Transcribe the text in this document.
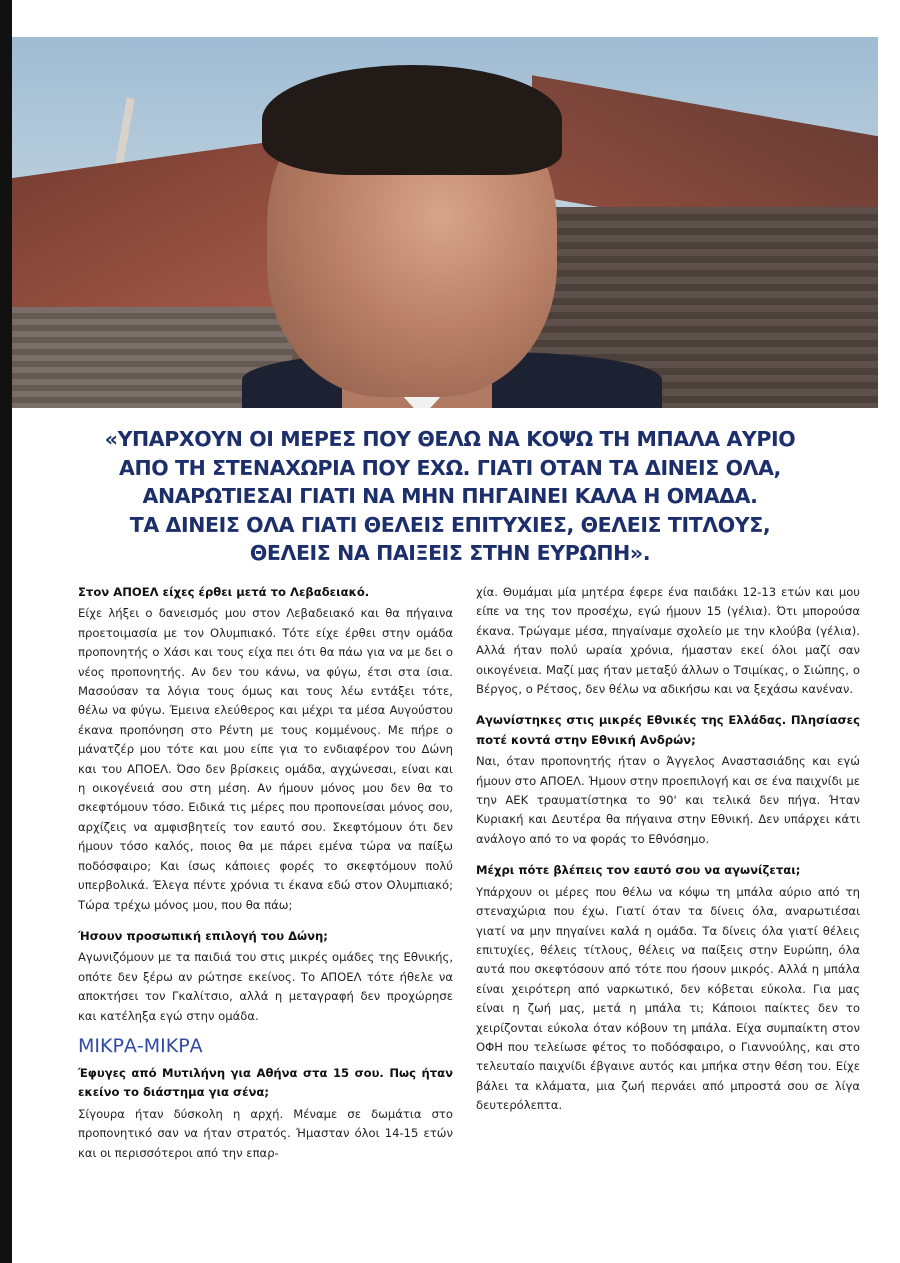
«ΥΠΑΡΧΟΥΝ ΟΙ ΜΕΡΕΣ ΠΟΥ ΘΕΛΩ ΝΑ ΚΟΨΩ ΤΗ ΜΠΑΛΑ ΑΥΡΙΟ
ΑΠΟ ΤΗ ΣΤΕΝΑΧΩΡΙΑ ΠΟΥ ΕΧΩ. ΓΙΑΤΙ ΟΤΑΝ ΤΑ ΔΙΝΕΙΣ ΟΛΑ,
ΑΝΑΡΩΤΙΕΣΑΙ ΓΙΑΤΙ ΝΑ ΜΗΝ ΠΗΓΑΙΝΕΙ ΚΑΛΑ Η ΟΜΑΔΑ.
ΤΑ ΔΙΝΕΙΣ ΟΛΑ ΓΙΑΤΙ ΘΕΛΕΙΣ ΕΠΙΤΥΧΙΕΣ, ΘΕΛΕΙΣ ΤΙΤΛΟΥΣ,
ΘΕΛΕΙΣ ΝΑ ΠΑΙΞΕΙΣ ΣΤΗΝ ΕΥΡΩΠΗ».

Στον ΑΠΟΕΛ είχες έρθει μετά το Λεβαδειακό.

Είχε λήξει ο δανεισμός μου στον Λεβαδειακό και θα πήγαινα προετοιμασία με τον Ολυμπιακό. Τότε είχε έρθει στην ομάδα προπονητής ο Χάσι και τους είχα πει ότι θα πάω για να με δει ο νέος προπονητής. Αν δεν του κάνω, να φύγω, έτσι στα ίσια. Μασούσαν τα λόγια τους όμως και τους λέω εντάξει τότε, θέλω να φύγω. Έμεινα ελεύθερος και μέχρι τα μέσα Αυγούστου έκανα προπόνηση στο Ρέντη με τους κομμένους. Με πήρε ο μάνατζέρ μου τότε και μου είπε για το ενδιαφέρον του Δώνη και του ΑΠΟΕΛ. Όσο δεν βρίσκεις ομάδα, αγχώνεσαι, είναι και η οικογένειά σου στη μέση. Αν ήμουν μόνος μου δεν θα το σκεφτόμουν τόσο. Ειδικά τις μέρες που προπονείσαι μόνος σου, αρχίζεις να αμφισβητείς τον εαυτό σου. Σκεφτόμουν ότι δεν ήμουν τόσο καλός, ποιος θα με πάρει εμένα τώρα να παίξω ποδόσφαιρο; Και ίσως κάποιες φορές το σκεφτόμουν πολύ υπερβολικά. Έλεγα πέντε χρόνια τι έκανα εδώ στον Ολυμπιακό; Τώρα τρέχω μόνος μου, που θα πάω;

Ήσουν προσωπική επιλογή του Δώνη;

Αγωνιζόμουν με τα παιδιά του στις μικρές ομάδες της Εθνικής, οπότε δεν ξέρω αν ρώτησε εκείνος. Το ΑΠΟΕΛ τότε ήθελε να αποκτήσει τον Γκαλίτσιο, αλλά η μεταγραφή δεν προχώρησε και κατέληξα εγώ στην ομάδα.

ΜΙΚΡΑ-ΜΙΚΡΑ

Έφυγες από Μυτιλήνη για Αθήνα στα 15 σου. Πως ήταν εκείνο το διάστημα για σένα;

Σίγουρα ήταν δύσκολη η αρχή. Μέναμε σε δωμάτια στο προπονητικό σαν να ήταν στρατός. Ήμασταν όλοι 14-15 ετών και οι περισσότεροι από την επαρ-

χία. Θυμάμαι μία μητέρα έφερε ένα παιδάκι 12-13 ετών και μου είπε να της τον προσέχω, εγώ ήμουν 15 (γέλια). Ότι μπορούσα έκανα. Τρώγαμε μέσα, πηγαίναμε σχολείο με την κλούβα (γέλια). Αλλά ήταν πολύ ωραία χρόνια, ήμασταν εκεί όλοι μαζί σαν οικογένεια. Μαζί μας ήταν μεταξύ άλλων ο Τσιμίκας, ο Σιώπης, ο Βέργος, ο Ρέτσος, δεν θέλω να αδικήσω και να ξεχάσω κανέναν.

Αγωνίστηκες στις μικρές Εθνικές της Ελλάδας. Πλησίασες ποτέ κοντά στην Εθνική Ανδρών;

Ναι, όταν προπονητής ήταν ο Άγγελος Αναστασιάδης και εγώ ήμουν στο ΑΠΟΕΛ. Ήμουν στην προεπιλογή και σε ένα παιχνίδι με την ΑΕΚ τραυματίστηκα το 90' και τελικά δεν πήγα. Ήταν Κυριακή και Δευτέρα θα πήγαινα στην Εθνική. Δεν υπάρχει κάτι ανάλογο από το να φοράς το Εθνόσημο.

Μέχρι πότε βλέπεις τον εαυτό σου να αγωνίζεται;

Υπάρχουν οι μέρες που θέλω να κόψω τη μπάλα αύριο από τη στεναχώρια που έχω. Γιατί όταν τα δίνεις όλα, αναρωτιέσαι γιατί να μην πηγαίνει καλά η ομάδα. Τα δίνεις όλα γιατί θέλεις επιτυχίες, θέλεις τίτλους, θέλεις να παίξεις στην Ευρώπη, όλα αυτά που σκεφτόσουν από τότε που ήσουν μικρός. Αλλά η μπάλα είναι χειρότερη από ναρκωτικό, δεν κόβεται εύκολα. Για μας είναι η ζωή μας, μετά η μπάλα τι; Κάποιοι παίκτες δεν το χειρίζονται εύκολα όταν κόβουν τη μπάλα. Είχα συμπαίκτη στον ΟΦΗ που τελείωσε φέτος το ποδόσφαιρο, ο Γιαννούλης, και στο τελευταίο παιχνίδι έβγαινε αυτός και μπήκα στην θέση του. Είχε βάλει τα κλάματα, μια ζωή περνάει από μπροστά σου σε λίγα δευτερόλεπτα.
